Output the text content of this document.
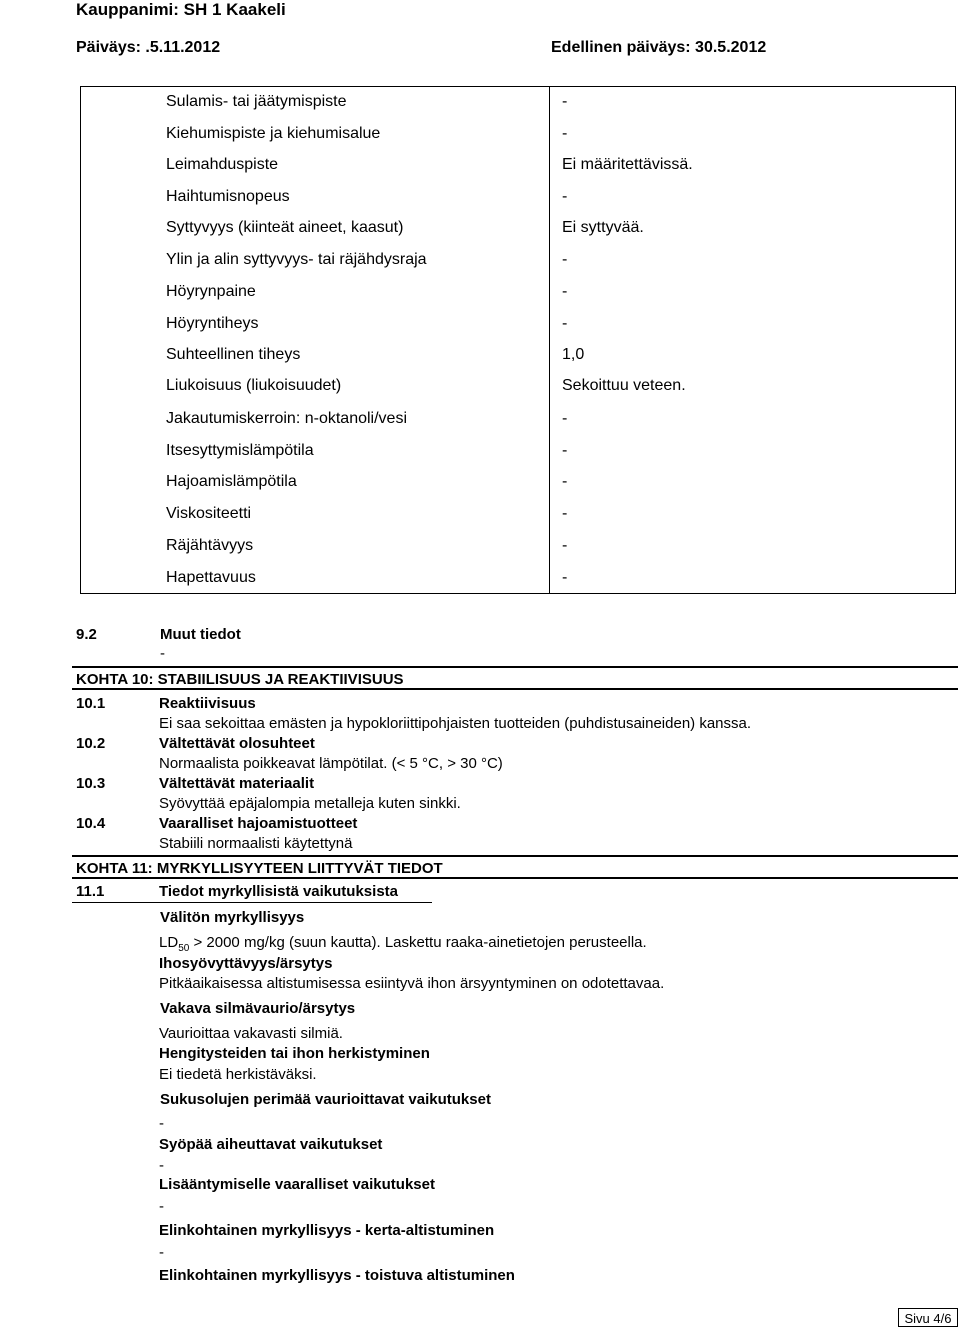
Kauppanimi: SH 1 Kaakeli
Päiväys: .5.11.2012	Edellinen päiväys: 30.5.2012
Sulamis- tai jäätymispiste	-
Kiehumispiste ja kiehumisalue	-
Leimahduspiste	Ei määritettävissä.
Haihtumisnopeus	-
Syttyvyys (kiinteät aineet, kaasut)	Ei syttyvää.
Ylin ja alin syttyvyys- tai räjähdysraja	-
Höyrynpaine	-
Höyryntiheys	-
Suhteellinen tiheys	1,0
Liukoisuus (liukoisuudet)	Sekoittuu veteen.
Jakautumiskerroin: n-oktanoli/vesi	-
Itsesyttymislämpötila	-
Hajoamislämpötila	-
Viskositeetti	-
Räjähtävyys	-
Hapettavuus	-
9.2	Muut tiedot
-
KOHTA 10: STABIILISUUS JA REAKTIIVISUUS
10.1	Reaktiivisuus
Ei saa sekoittaa emästen ja hypokloriittipohjaisten tuotteiden (puhdistusaineiden) kanssa.
10.2	Vältettävät olosuhteet
Normaalista poikkeavat lämpötilat. (< 5 °C, > 30 °C)
10.3	Vältettävät materiaalit
Syövyttää epäjalompia metalleja kuten sinkki.
10.4	Vaaralliset hajoamistuotteet
Stabiili normaalisti käytettynä
KOHTA 11: MYRKYLLISYYTEEN LIITTYVÄT TIEDOT
11.1	Tiedot myrkyllisistä vaikutuksista
Välitön myrkyllisyys
$LD_{50} > 2000$ mg/kg (suun kautta). Laskettu raaka-ainetietojen perusteella.
Ihosyövyttävyys/ärsytys
Pitkäaikaisessa altistumisessa esiintyvä ihon ärsyyntyminen on odotettavaa.
Vakava silmävaurio/ärsytys
Vaurioittaa vakavasti silmiä.
Hengitysteiden tai ihon herkistyminen
Ei tiedetä herkistäväksi.
Sukusolujen perimää vaurioittavat vaikutukset
-
Syöpää aiheuttavat vaikutukset
-
Lisääntymiselle vaaralliset vaikutukset
-
Elinkohtainen myrkyllisyys - kerta-altistuminen
-
Elinkohtainen myrkyllisyys - toistuva altistuminen
Sivu 4/6
